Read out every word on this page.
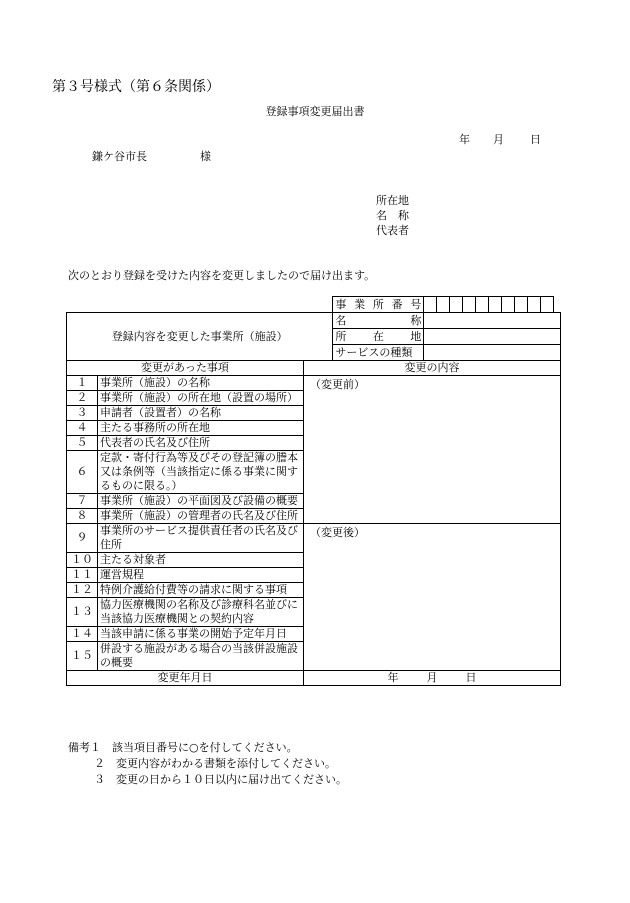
第３号様式（第６条関係）
登録事項変更届出書
年 月 日
鎌ケ谷市長	様
所在地
名　称
代表者
次のとおり登録を受けた内容を変更しましたので届け出ます。
	事業所番号											
登録内容を変更した事業所（施設）	名称											
	所在地											
	サービスの種類											
変更があった事項		変更の内容
１	事業所（施設）の名称	（変更前）
２	事業所（施設）の所在地（設置の場所）	
３	申請者（設置者）の名称	
４	主たる事務所の所在地	
５	代表者の氏名及び住所	
６	定款・寄付行為等及びその登記簿の謄本又は条例等（当該指定に係る事業に関するものに限る。）	
７	事業所（施設）の平面図及び設備の概要	
８	事業所（施設）の管理者の氏名及び住所	
９	事業所のサービス提供責任者の氏名及び住所	（変更後）
１０	主たる対象者	
１１	運営規程	
１２	特例介護給付費等の請求に関する事項	
１３	協力医療機関の名称及び診療科名並びに当該協力医療機関との契約内容	
１４	当該申請に係る事業の開始予定年月日	
１５	併設する施設がある場合の当該併設施設の概要	
変更年月日		年 月 日
備考１　該当項目番号に○を付してください。
２　変更内容がわかる書類を添付してください。
３　変更の日から１０日以内に届け出てください。
